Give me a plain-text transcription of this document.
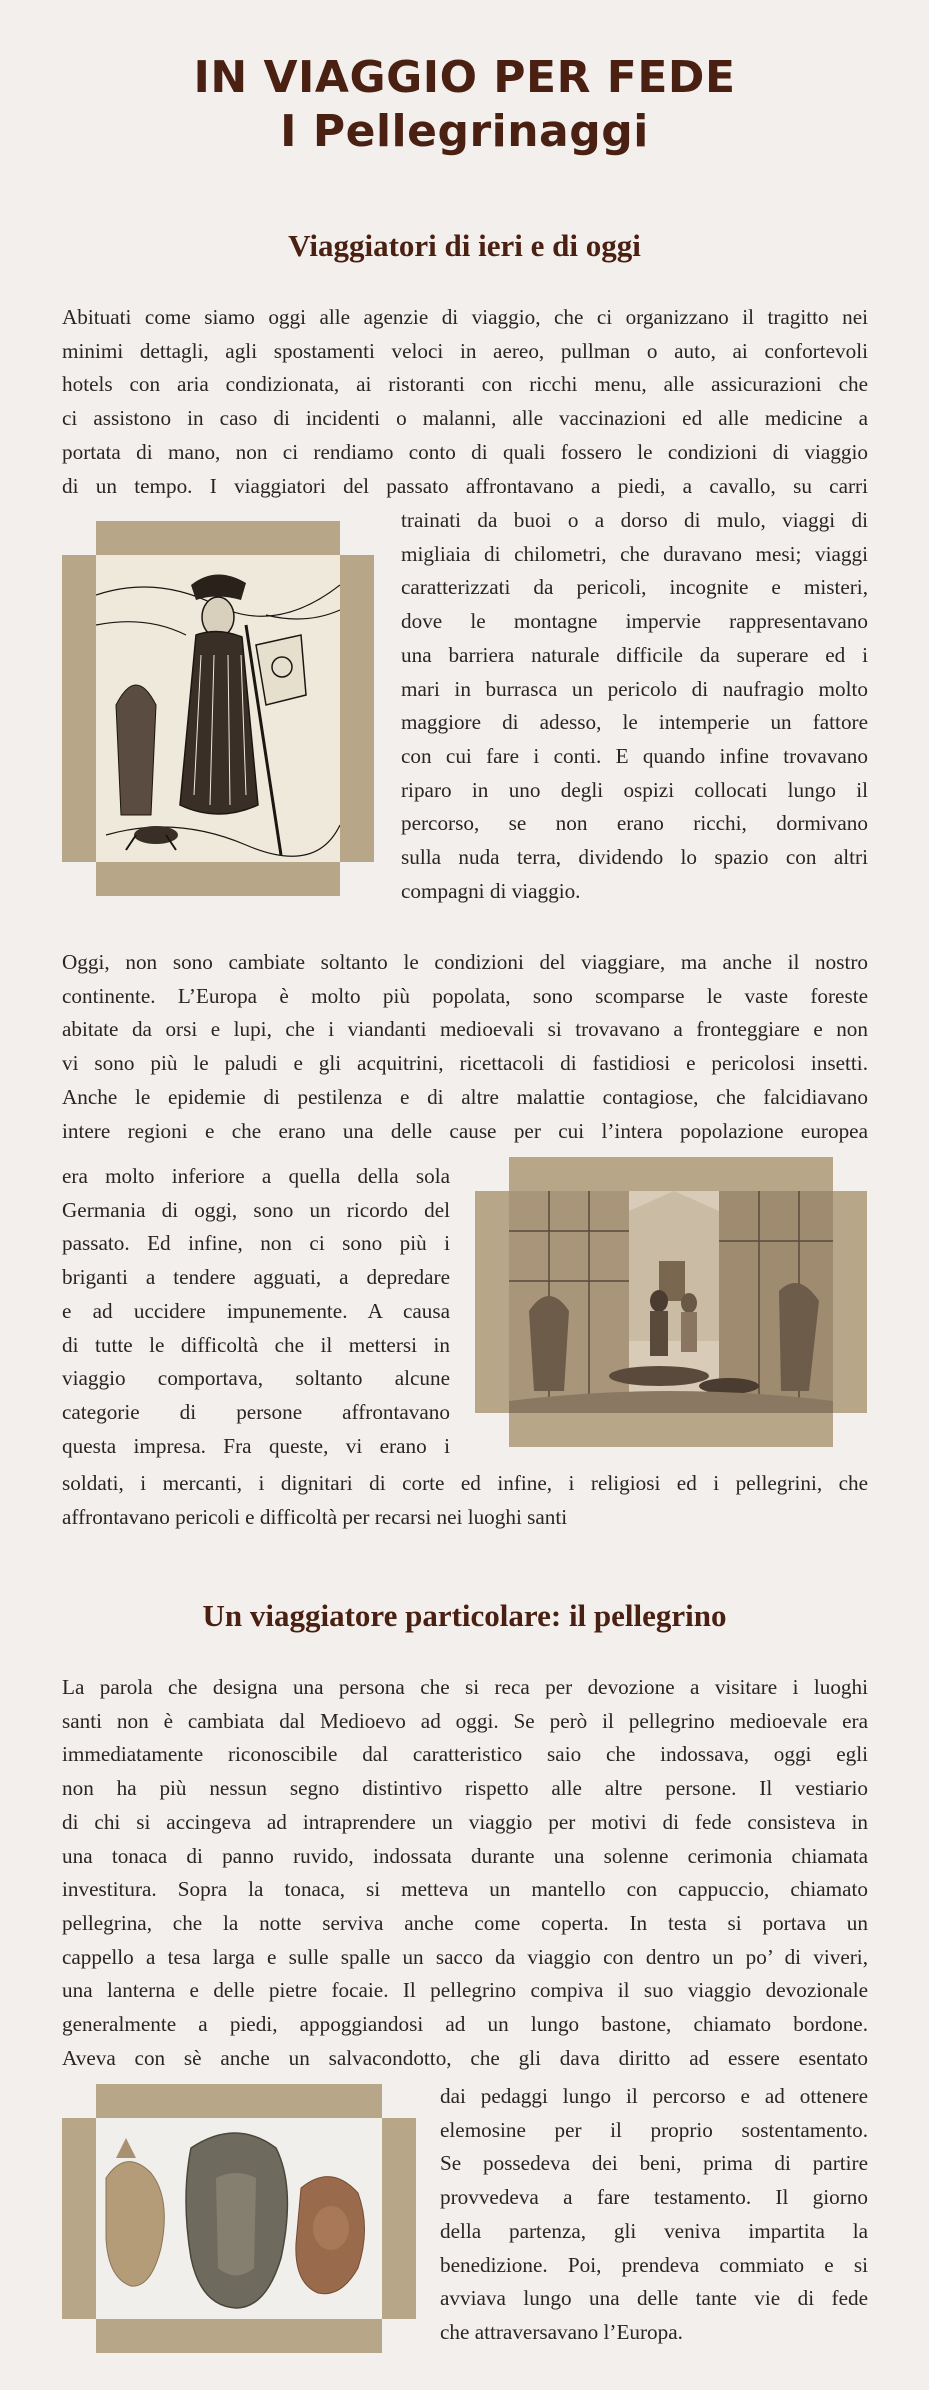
IN VIAGGIO PER FEDE
I Pellegrinaggi
Viaggiatori di ieri e di oggi
Abituati come siamo oggi alle agenzie di viaggio, che ci organizzano il tragitto nei
minimi dettagli, agli spostamenti veloci in aereo, pullman o auto, ai confortevoli
hotels con aria condizionata, ai ristoranti con ricchi menu, alle assicurazioni che
ci assistono in caso di incidenti o malanni, alle vaccinazioni ed alle medicine a
portata di mano, non ci rendiamo conto di quali fossero le condizioni di viaggio
di un tempo. I viaggiatori del passato affrontavano a piedi, a cavallo, su carri
trainati da buoi o a dorso di mulo, viaggi di
migliaia di chilometri, che duravano mesi; viaggi
caratterizzati da pericoli, incognite e misteri,
dove le montagne impervie rappresentavano
una barriera naturale difficile da superare ed i
mari in burrasca un pericolo di naufragio molto
maggiore di adesso, le intemperie un fattore
con cui fare i conti. E quando infine trovavano
riparo in uno degli ospizi collocati lungo il
percorso, se non erano ricchi, dormivano
sulla nuda terra, dividendo lo spazio con altri
compagni di viaggio.
Oggi, non sono cambiate soltanto le condizioni del viaggiare, ma anche il nostro
continente. L’Europa è molto più popolata, sono scomparse le vaste foreste
abitate da orsi e lupi, che i viandanti medioevali si trovavano a fronteggiare e non
vi sono più le paludi e gli acquitrini, ricettacoli di fastidiosi e pericolosi insetti.
Anche le epidemie di pestilenza e di altre malattie contagiose, che falcidiavano
intere regioni e che erano una delle cause per cui l’intera popolazione europea
era molto inferiore a quella della sola
Germania di oggi, sono un ricordo del
passato. Ed infine, non ci sono più i
briganti a tendere agguati, a depredare
e ad uccidere impunemente. A causa
di tutte le difficoltà che il mettersi in
viaggio comportava, soltanto alcune
categorie di persone affrontavano
questa impresa. Fra queste, vi erano i
soldati, i mercanti, i dignitari di corte ed infine, i religiosi ed i pellegrini, che
affrontavano pericoli e difficoltà per recarsi nei luoghi santi
Un viaggiatore particolare: il pellegrino
La parola che designa una persona che si reca per devozione a visitare i luoghi
santi non è cambiata dal Medioevo ad oggi. Se però il pellegrino medioevale era
immediatamente riconoscibile dal caratteristico saio che indossava, oggi egli
non ha più nessun segno distintivo rispetto alle altre persone. Il vestiario
di chi si accingeva ad intraprendere un viaggio per motivi di fede consisteva in
una tonaca di panno ruvido, indossata durante una solenne cerimonia chiamata
investitura. Sopra la tonaca, si metteva un mantello con cappuccio, chiamato
pellegrina, che la notte serviva anche come coperta. In testa si portava un
cappello a tesa larga e sulle spalle un sacco da viaggio con dentro un po’ di viveri,
una lanterna e delle pietre focaie. Il pellegrino compiva il suo viaggio devozionale
generalmente a piedi, appoggiandosi ad un lungo bastone, chiamato bordone.
Aveva con sè anche un salvacondotto, che gli dava diritto ad essere esentato
dai pedaggi lungo il percorso e ad ottenere
elemosine per il proprio sostentamento.
Se possedeva dei beni, prima di partire
provvedeva a fare testamento. Il giorno
della partenza, gli veniva impartita la
benedizione. Poi, prendeva commiato e si
avviava lungo una delle tante vie di fede
che attraversavano l’Europa.
